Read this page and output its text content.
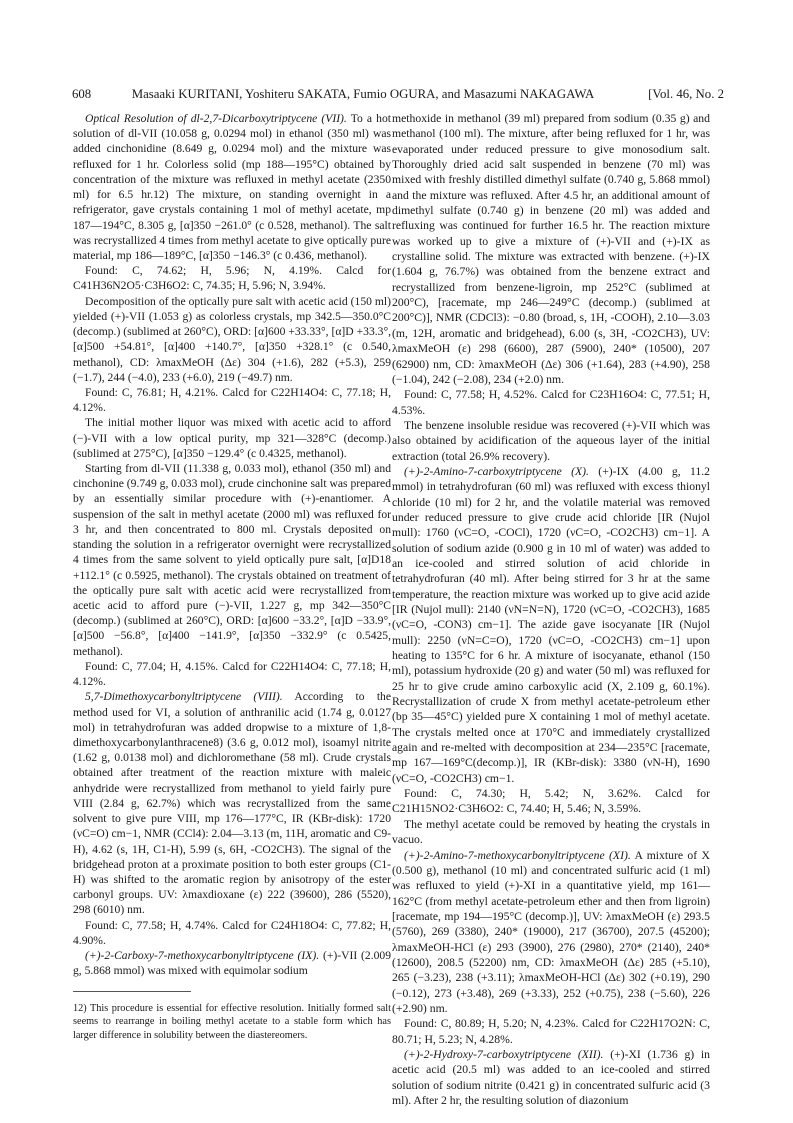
608	Masaaki KURITANI, Yoshiteru SAKATA, Fumio OGURA, and Masazumi NAKAGAWA	[Vol. 46, No. 2

Optical Resolution of dl-2,7-Dicarboxytriptycene (VII). To a hot solution of dl-VII (10.058 g, 0.0294 mol) in ethanol (350 ml) was added cinchonidine (8.649 g, 0.0294 mol) and the mixture was refluxed for 1 hr. Colorless solid (mp 188—195°C) obtained by concentration of the mixture was refluxed in methyl acetate (2350 ml) for 6.5 hr.12) The mixture, on standing overnight in a refrigerator, gave crystals containing 1 mol of methyl acetate, mp 187—194°C, 8.305 g, [α]350 −261.0° (c 0.528, methanol). The salt was recrystallized 4 times from methyl acetate to give optically pure material, mp 186—189°C, [α]350 −146.3° (c 0.436, methanol).

Found: C, 74.62; H, 5.96; N, 4.19%. Calcd for C41H36N2O5·C3H6O2: C, 74.35; H, 5.96; N, 3.94%.

Decomposition of the optically pure salt with acetic acid (150 ml) yielded (+)-VII (1.053 g) as colorless crystals, mp 342.5—350.0°C (decomp.) (sublimed at 260°C), ORD: [α]600 +33.33°, [α]D +33.3°, [α]500 +54.81°, [α]400 +140.7°, [α]350 +328.1° (c 0.540, methanol), CD: λmaxMeOH (Δε) 304 (+1.6), 282 (+5.3), 259 (−1.7), 244 (−4.0), 233 (+6.0), 219 (−49.7) nm.

Found: C, 76.81; H, 4.21%. Calcd for C22H14O4: C, 77.18; H, 4.12%.

The initial mother liquor was mixed with acetic acid to afford (−)-VII with a low optical purity, mp 321—328°C (decomp.) (sublimed at 275°C), [α]350 −129.4° (c 0.4325, methanol).

Starting from dl-VII (11.338 g, 0.033 mol), ethanol (350 ml) and cinchonine (9.749 g, 0.033 mol), crude cinchonine salt was prepared by an essentially similar procedure with (+)-enantiomer. A suspension of the salt in methyl acetate (2000 ml) was refluxed for 3 hr, and then concentrated to 800 ml. Crystals deposited on standing the solution in a refrigerator overnight were recrystallized 4 times from the same solvent to yield optically pure salt, [α]D18 +112.1° (c 0.5925, methanol). The crystals obtained on treatment of the optically pure salt with acetic acid were recrystallized from acetic acid to afford pure (−)-VII, 1.227 g, mp 342—350°C (decomp.) (sublimed at 260°C), ORD: [α]600 −33.2°, [α]D −33.9°, [α]500 −56.8°, [α]400 −141.9°, [α]350 −332.9° (c 0.5425, methanol).

Found: C, 77.04; H, 4.15%. Calcd for C22H14O4: C, 77.18; H, 4.12%.

5,7-Dimethoxycarbonyltriptycene (VIII). According to the method used for VI, a solution of anthranilic acid (1.74 g, 0.0127 mol) in tetrahydrofuran was added dropwise to a mixture of 1,8-dimethoxycarbonylanthracene8) (3.6 g, 0.012 mol), isoamyl nitrite (1.62 g, 0.0138 mol) and dichloromethane (58 ml). Crude crystals obtained after treatment of the reaction mixture with maleic anhydride were recrystallized from methanol to yield fairly pure VIII (2.84 g, 62.7%) which was recrystallized from the same solvent to give pure VIII, mp 176—177°C, IR (KBr-disk): 1720 (νC=O) cm−1, NMR (CCl4): 2.04—3.13 (m, 11H, aromatic and C9-H), 4.62 (s, 1H, C1-H), 5.99 (s, 6H, -CO2CH3). The signal of the bridgehead proton at a proximate position to both ester groups (C1-H) was shifted to the aromatic region by anisotropy of the ester carbonyl groups. UV: λmaxdioxane (ε) 222 (39600), 286 (5520), 298 (6010) nm.

Found: C, 77.58; H, 4.74%. Calcd for C24H18O4: C, 77.82; H, 4.90%.

(+)-2-Carboxy-7-methoxycarbonyltriptycene (IX). (+)-VII (2.009 g, 5.868 mmol) was mixed with equimolar sodium

methoxide in methanol (39 ml) prepared from sodium (0.35 g) and methanol (100 ml). The mixture, after being refluxed for 1 hr, was evaporated under reduced pressure to give monosodium salt. Thoroughly dried acid salt suspended in benzene (70 ml) was mixed with freshly distilled dimethyl sulfate (0.740 g, 5.868 mmol) and the mixture was refluxed. After 4.5 hr, an additional amount of dimethyl sulfate (0.740 g) in benzene (20 ml) was added and refluxing was continued for further 16.5 hr. The reaction mixture was worked up to give a mixture of (+)-VII and (+)-IX as crystalline solid. The mixture was extracted with benzene. (+)-IX (1.604 g, 76.7%) was obtained from the benzene extract and recrystallized from benzene-ligroin, mp 252°C (sublimed at 200°C), [racemate, mp 246—249°C (decomp.) (sublimed at 200°C)], NMR (CDCl3): −0.80 (broad, s, 1H, -COOH), 2.10—3.03 (m, 12H, aromatic and bridgehead), 6.00 (s, 3H, -CO2CH3), UV: λmaxMeOH (ε) 298 (6600), 287 (5900), 240* (10500), 207 (62900) nm, CD: λmaxMeOH (Δε) 306 (+1.64), 283 (+4.90), 258 (−1.04), 242 (−2.08), 234 (+2.0) nm.

Found: C, 77.58; H, 4.52%. Calcd for C23H16O4: C, 77.51; H, 4.53%.

The benzene insoluble residue was recovered (+)-VII which was also obtained by acidification of the aqueous layer of the initial extraction (total 26.9% recovery).

(+)-2-Amino-7-carboxytriptycene (X). (+)-IX (4.00 g, 11.2 mmol) in tetrahydrofuran (60 ml) was refluxed with excess thionyl chloride (10 ml) for 2 hr, and the volatile material was removed under reduced pressure to give crude acid chloride [IR (Nujol mull): 1760 (νC=O, -COCl), 1720 (νC=O, -CO2CH3) cm−1]. A solution of sodium azide (0.900 g in 10 ml of water) was added to an ice-cooled and stirred solution of acid chloride in tetrahydrofuran (40 ml). After being stirred for 3 hr at the same temperature, the reaction mixture was worked up to give acid azide [IR (Nujol mull): 2140 (νN=N=N), 1720 (νC=O, -CO2CH3), 1685 (νC=O, -CON3) cm−1]. The azide gave isocyanate [IR (Nujol mull): 2250 (νN=C=O), 1720 (νC=O, -CO2CH3) cm−1] upon heating to 135°C for 6 hr. A mixture of isocyanate, ethanol (150 ml), potassium hydroxide (20 g) and water (50 ml) was refluxed for 25 hr to give crude amino carboxylic acid (X, 2.109 g, 60.1%). Recrystallization of crude X from methyl acetate-petroleum ether (bp 35—45°C) yielded pure X containing 1 mol of methyl acetate. The crystals melted once at 170°C and immediately crystallized again and re-melted with decomposition at 234—235°C [racemate, mp 167—169°C(decomp.)], IR (KBr-disk): 3380 (νN-H), 1690 (νC=O, -CO2CH3) cm−1.

Found: C, 74.30; H, 5.42; N, 3.62%. Calcd for C21H15NO2·C3H6O2: C, 74.40; H, 5.46; N, 3.59%.

The methyl acetate could be removed by heating the crystals in vacuo.

(+)-2-Amino-7-methoxycarbonyltriptycene (XI). A mixture of X (0.500 g), methanol (10 ml) and concentrated sulfuric acid (1 ml) was refluxed to yield (+)-XI in a quantitative yield, mp 161—162°C (from methyl acetate-petroleum ether and then from ligroin) [racemate, mp 194—195°C (decomp.)], UV: λmaxMeOH (ε) 293.5 (5760), 269 (3380), 240* (19000), 217 (36700), 207.5 (45200); λmaxMeOH-HCl (ε) 293 (3900), 276 (2980), 270* (2140), 240* (12600), 208.5 (52200) nm, CD: λmaxMeOH (Δε) 285 (+5.10), 265 (−3.23), 238 (+3.11); λmaxMeOH-HCl (Δε) 302 (+0.19), 290 (−0.12), 273 (+3.48), 269 (+3.33), 252 (+0.75), 238 (−5.60), 226 (+2.90) nm.

Found: C, 80.89; H, 5.20; N, 4.23%. Calcd for C22H17O2N: C, 80.71; H, 5.23; N, 4.28%.

(+)-2-Hydroxy-7-carboxytriptycene (XII). (+)-XI (1.736 g) in acetic acid (20.5 ml) was added to an ice-cooled and stirred solution of sodium nitrite (0.421 g) in concentrated sulfuric acid (3 ml). After 2 hr, the resulting solution of diazonium

12) This procedure is essential for effective resolution. Initially formed salt seems to rearrange in boiling methyl acetate to a stable form which has larger difference in solubility between the diastereomers.
